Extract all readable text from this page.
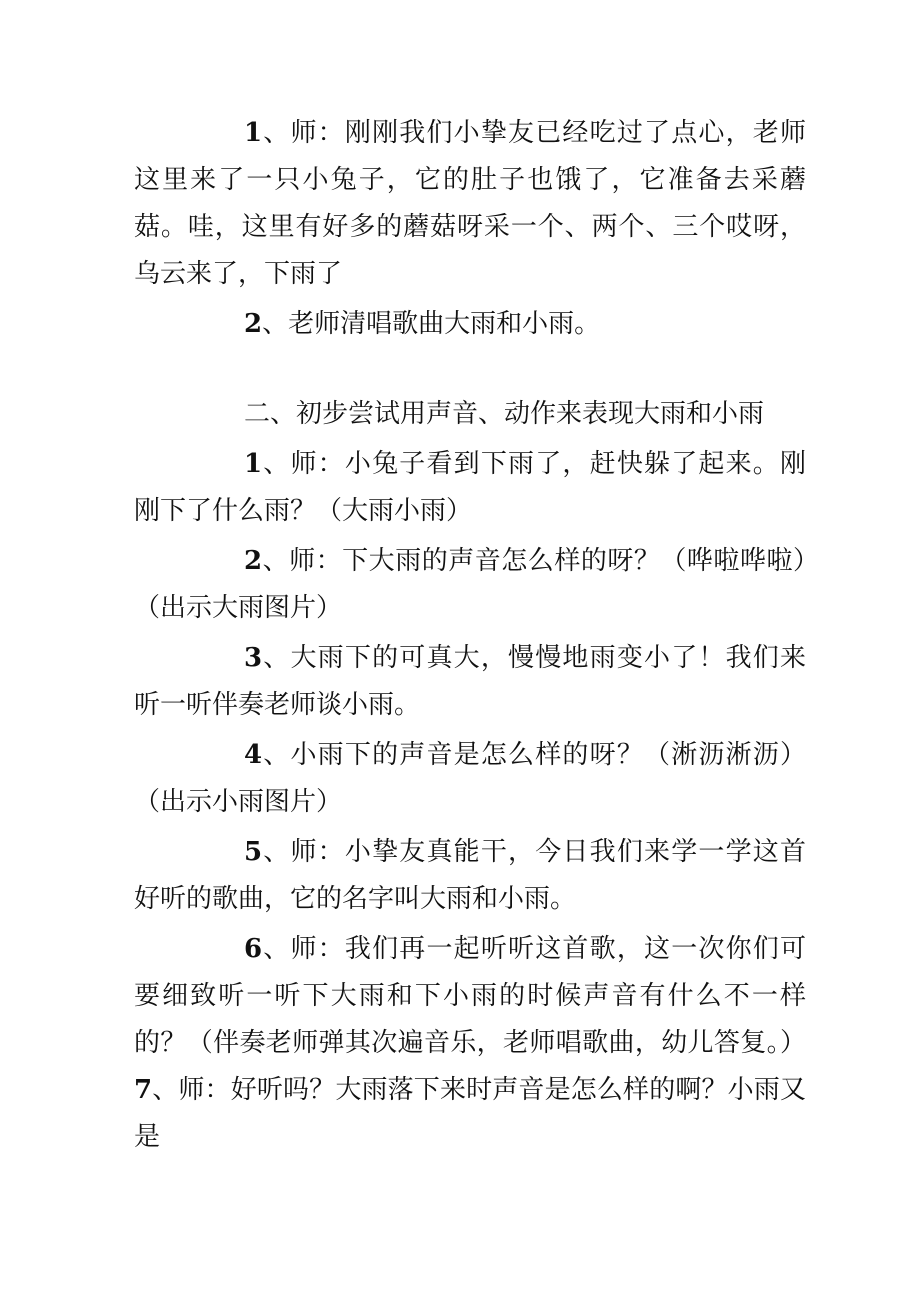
1、师：刚刚我们小挚友已经吃过了点心，老师这里来了一只小兔子，它的肚子也饿了，它准备去采蘑菇。哇，这里有好多的蘑菇呀采一个、两个、三个哎呀，乌云来了，下雨了

2、老师清唱歌曲大雨和小雨。

二、初步尝试用声音、动作来表现大雨和小雨

1、师：小兔子看到下雨了，赶快躲了起来。刚刚下了什么雨？（大雨小雨）

2、师：下大雨的声音怎么样的呀？（哗啦哗啦）（出示大雨图片）

3、大雨下的可真大，慢慢地雨变小了！我们来听一听伴奏老师谈小雨。

4、小雨下的声音是怎么样的呀？（淅沥淅沥）（出示小雨图片）

5、师：小挚友真能干，今日我们来学一学这首好听的歌曲，它的名字叫大雨和小雨。

6、师：我们再一起听听这首歌，这一次你们可要细致听一听下大雨和下小雨的时候声音有什么不一样的？（伴奏老师弹其次遍音乐，老师唱歌曲，幼儿答复。）7、师：好听吗？大雨落下来时声音是怎么样的啊？小雨又是
